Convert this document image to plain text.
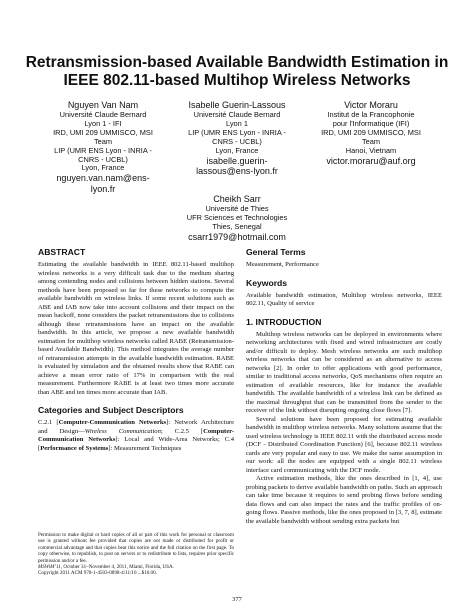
Retransmission-based Available Bandwidth Estimation in
IEEE 802.11-based Multihop Wireless Networks
Nguyen Van Nam
Université Claude Bernard
Lyon 1 - IFI
IRD, UMI 209 UMMISCO, MSI
Team
LIP (UMR ENS Lyon - INRIA -
CNRS - UCBL)
Lyon, France
nguyen.van.nam@ens-
lyon.fr
Isabelle Guerin-Lassous
Université Claude Bernard
Lyon 1
LIP (UMR ENS Lyon - INRIA -
CNRS - UCBL)
Lyon, France
isabelle.guerin-
lassous@ens-lyon.fr
Victor Moraru
Institut de la Francophonie
pour l'Informatique (IFI)
IRD, UMI 209 UMMISCO, MSI
Team
Hanoi, Vietnam
victor.moraru@auf.org
Cheikh Sarr
Université de Thies
UFR Sciences et Technologies
Thies, Senegal
csarr1979@hotmail.com
ABSTRACT

Estimating the available bandwidth in IEEE 802.11-based multihop wireless networks is a very difficult task due to the medium sharing among contending nodes and collisions between hidden stations. Several methods have been proposed so far for these networks to compute the available bandwidth on wireless links. If some recent solutions such as ABE and IAB now take into account collisions and their impact on the mean backoff, none considers the packet retransmissions due to collisions although these retransmissions have an impact on the available bandwidth. In this article, we propose a new available bandwidth estimation for multihop wireless networks called RABE (Retransmission-based Available Bandwidth). This method integrates the average number of retransmission attempts in the available bandwidth estimation. RABE is evaluated by simulation and the obtained results show that RABE can achieve a mean error ratio of 17% in comparison with the real measurement. Furthermore RABE is at least two times more accurate than ABE and ten times more accurate than IAB.

Categories and Subject Descriptors

C.2.1 [Computer-Communication Networks]: Network Architecture and Design—Wireless Communication; C.2.5 [Computer-Communication Networks]: Local and Wide-Area Networks; C.4 [Performance of Systems]: Measurement Techniques

General Terms

Measurement, Performance

Keywords

Available bandwidth estimation, Multihop wireless networks, IEEE 802.11, Quality of service

1. INTRODUCTION

Multihop wireless networks can be deployed in environments where networking architectures with fixed and wired infrastructure are costly and/or difficult to deploy. Mesh wireless networks are such multihop wireless networks that can be considered as an alternative to access networks [2]. In order to offer applications with good performance, similar to traditional access networks, QoS mechanisms often require an estimation of available resources, like for instance the available bandwidth. The available bandwidth of a wireless link can be defined as the maximal throughput that can be transmitted from the sender to the receiver of the link without disrupting ongoing close flows [7].

Several solutions have been proposed for estimating available bandwidth in multihop wireless networks. Many solutions assume that the used wireless technology is IEEE 802.11 with the distributed access mode (DCF - Distributed Coordination Function) [6], because 802.11 wireless cards are very popular and easy to use. We make the same assumption in our work: all the nodes are equipped with a single 802.11 wireless interface card communicating with the DCF mode.

Active estimation methods, like the ones described in [1, 4], use probing packets to derive available bandwidth on paths. Such an approach can take time because it requires to send probing flows before sending data flows and can also impact the rates and the traffic profiles of on-going flows. Passive methods, like the ones proposed in [3, 7, 8], estimate the available bandwidth without sending extra packets but

Permission to make digital or hard copies of all or part of this work for personal or classroom use is granted without fee provided that copies are not made or distributed for profit or commercial advantage and that copies bear this notice and the full citation on the first page. To copy otherwise, to republish, to post on servers or to redistribute to lists, requires prior specific permission and/or a fee.
MSWiM’11, October 31–November 4, 2011, Miami, Florida, USA.
Copyright 2011 ACM 978-1-4503-0898-4/11/10 ...$10.00.
377
